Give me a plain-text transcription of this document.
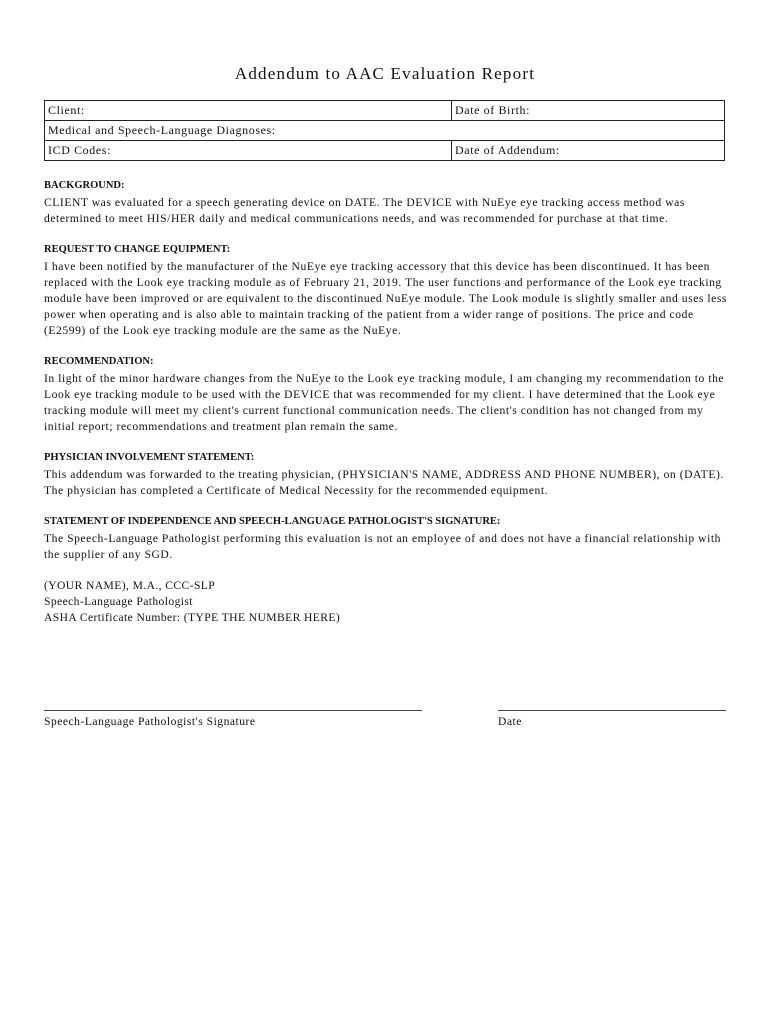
Addendum to AAC Evaluation Report
Client:	Date of Birth:
Medical and Speech-Language Diagnoses:	
ICD Codes:	Date of Addendum:
BACKGROUND:

CLIENT was evaluated for a speech generating device on DATE. The DEVICE with NuEye eye tracking access method was determined to meet HIS/HER daily and medical communications needs, and was recommended for purchase at that time.

REQUEST TO CHANGE EQUIPMENT:

I have been notified by the manufacturer of the NuEye eye tracking accessory that this device has been discontinued. It has been replaced with the Look eye tracking module as of February 21, 2019. The user functions and performance of the Look eye tracking module have been improved or are equivalent to the discontinued NuEye module. The Look module is slightly smaller and uses less power when operating and is also able to maintain tracking of the patient from a wider range of positions. The price and code (E2599) of the Look eye tracking module are the same as the NuEye.

RECOMMENDATION:

In light of the minor hardware changes from the NuEye to the Look eye tracking module, I am changing my recommendation to the Look eye tracking module to be used with the DEVICE that was recommended for my client. I have determined that the Look eye tracking module will meet my client's current functional communication needs. The client's condition has not changed from my initial report; recommendations and treatment plan remain the same.

PHYSICIAN INVOLVEMENT STATEMENT:

This addendum was forwarded to the treating physician, (PHYSICIAN'S NAME, ADDRESS AND PHONE NUMBER), on (DATE). The physician has completed a Certificate of Medical Necessity for the recommended equipment.

STATEMENT OF INDEPENDENCE AND SPEECH-LANGUAGE PATHOLOGIST'S SIGNATURE:

The Speech-Language Pathologist performing this evaluation is not an employee of and does not have a financial relationship with the supplier of any SGD.

(YOUR NAME), M.A., CCC-SLP
Speech-Language Pathologist
ASHA Certificate Number: (TYPE THE NUMBER HERE)
Speech-Language Pathologist's Signature	Date
